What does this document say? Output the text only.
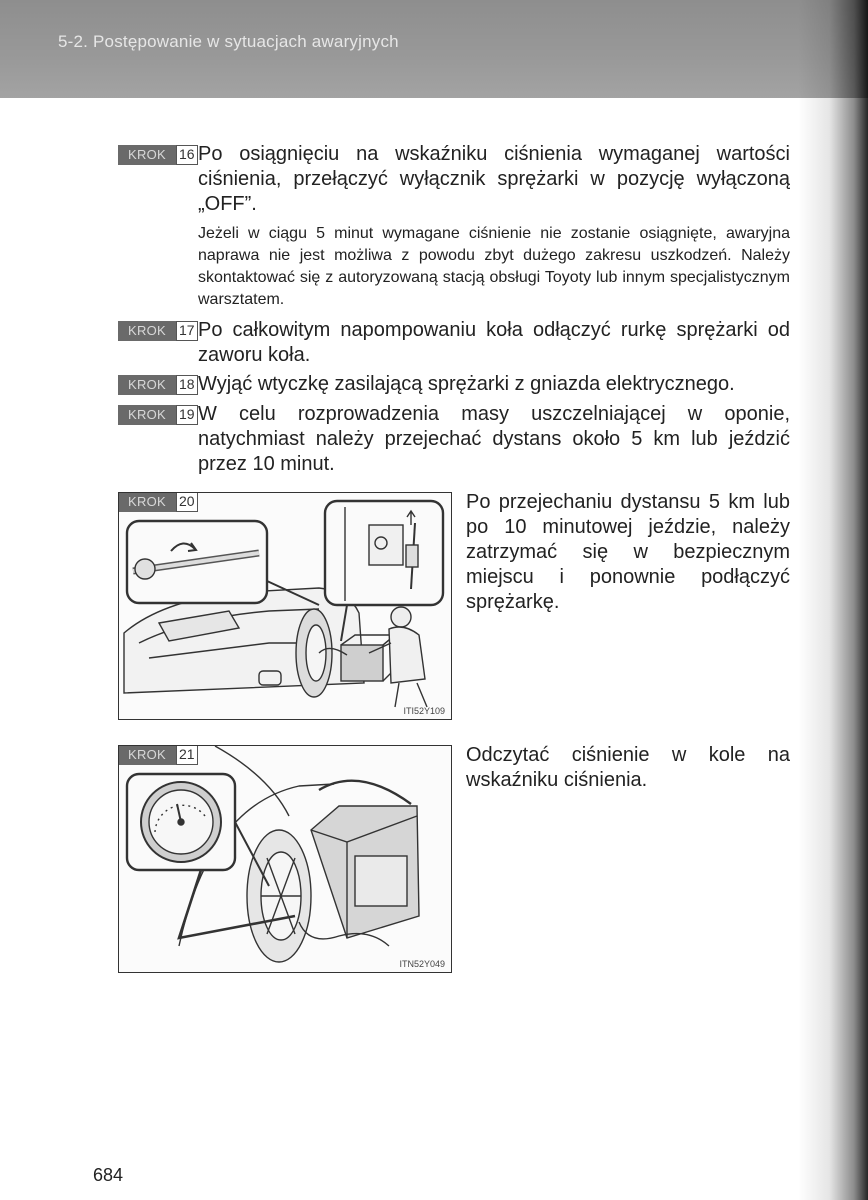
5-2. Postępowanie w sytuacjach awaryjnych
KROK 16 Po osiągnięciu na wskaźniku ciśnienia wymaganej wartości ciśnienia, przełączyć wyłącznik sprężarki w pozycję wyłączoną „OFF”.
Jeżeli w ciągu 5 minut wymagane ciśnienie nie zostanie osiągnięte, awaryjna naprawa nie jest możliwa z powodu zbyt dużego zakresu uszkodzeń. Należy skontaktować się z autoryzowaną stacją obsługi Toyoty lub innym specjalistycznym warsztatem.
KROK 17 Po całkowitym napompowaniu koła odłączyć rurkę sprężarki od zaworu koła.
KROK 18 Wyjąć wtyczkę zasilającą sprężarki z gniazda elektrycznego.
KROK 19 W celu rozprowadzenia masy uszczelniającej w oponie, natychmiast należy przejechać dystans około 5 km lub jeździć przez 10 minut.
KROK 20
ITI52Y109
Po przejechaniu dystansu 5 km lub po 10 minutowej jeździe, należy zatrzymać się w bezpiecznym miejscu i ponownie podłączyć sprężarkę.
KROK 21
ITN52Y049
Odczytać ciśnienie w kole na wskaźniku ciśnienia.
684
